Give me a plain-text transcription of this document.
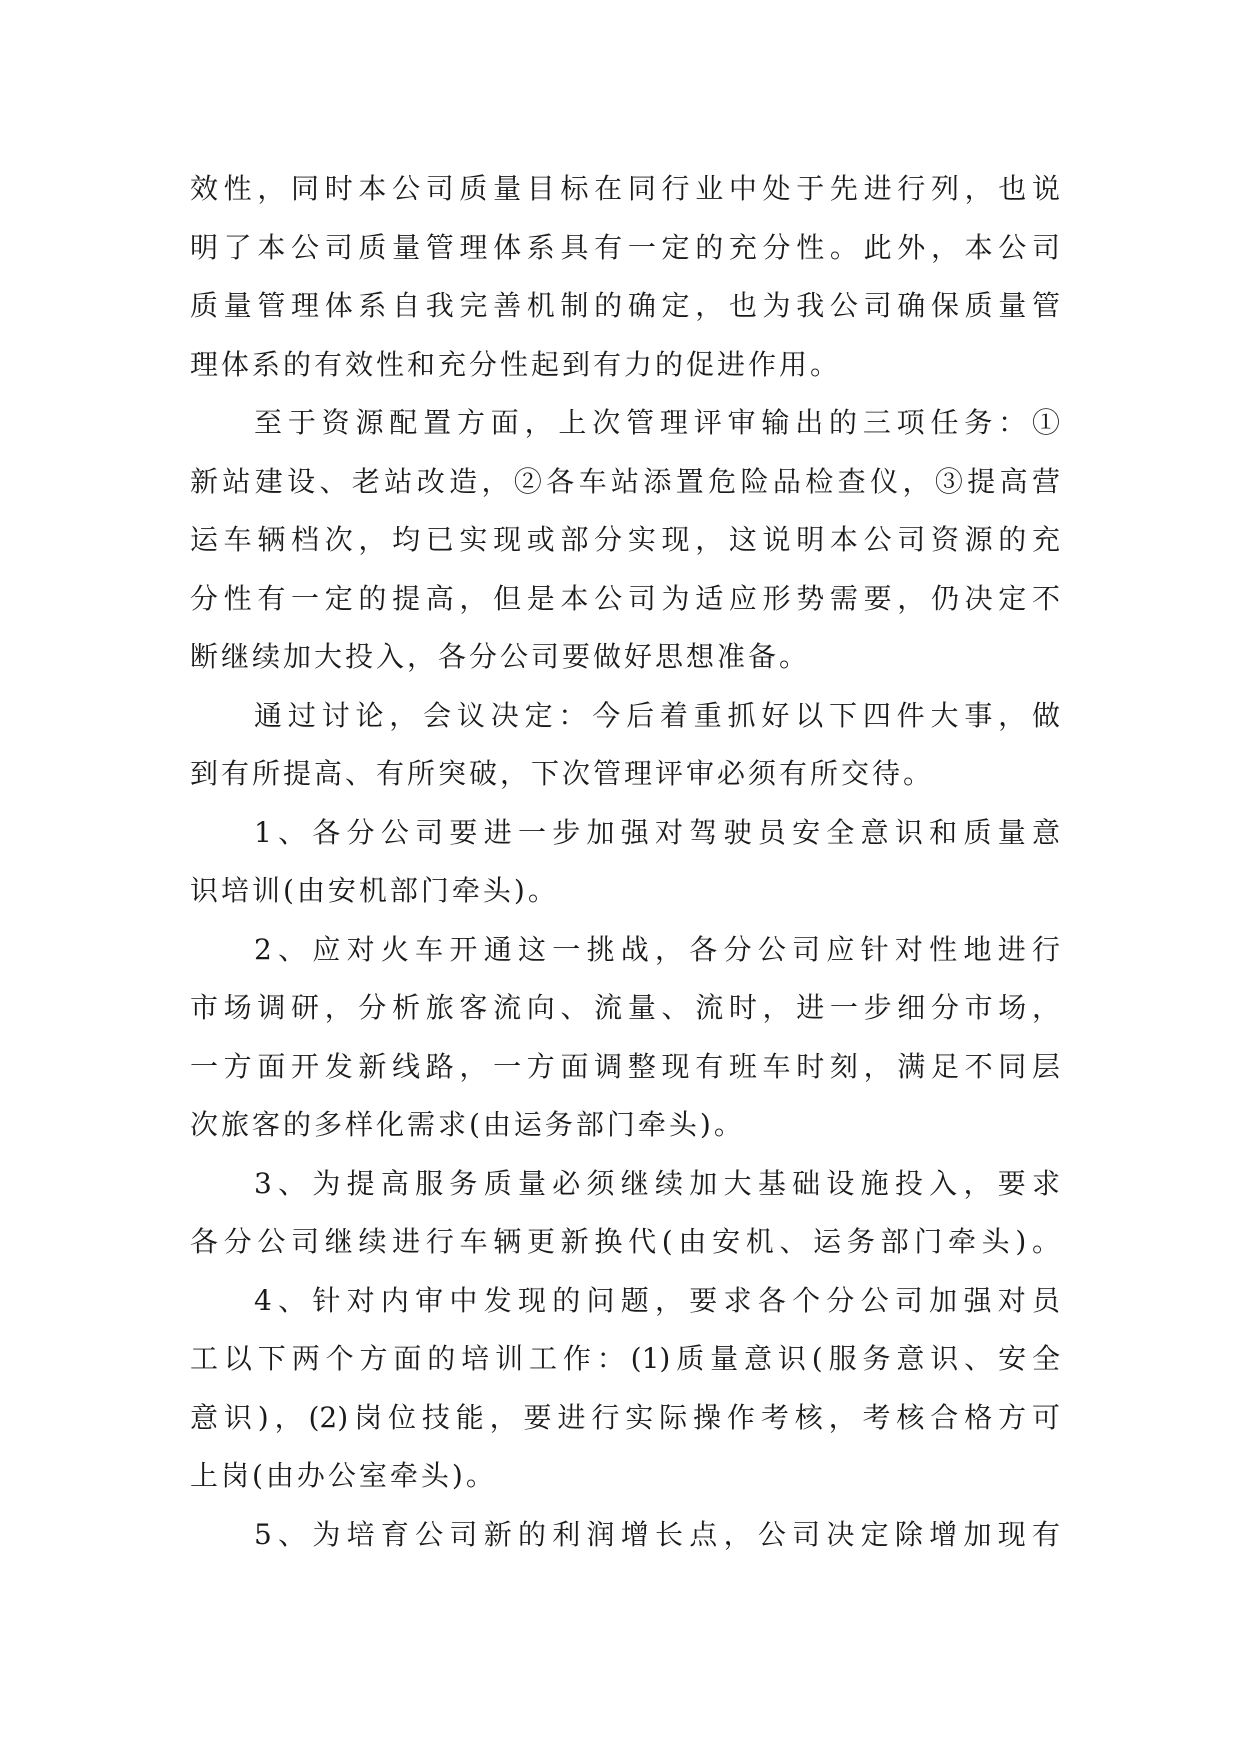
效性，同时本公司质量目标在同行业中处于先进行列，也说
明了本公司质量管理体系具有一定的充分性。此外，本公司
质量管理体系自我完善机制的确定，也为我公司确保质量管
理体系的有效性和充分性起到有力的促进作用。
至于资源配置方面，上次管理评审输出的三项任务：①
新站建设、老站改造，②各车站添置危险品检查仪，③提高营
运车辆档次，均已实现或部分实现，这说明本公司资源的充
分性有一定的提高，但是本公司为适应形势需要，仍决定不
断继续加大投入，各分公司要做好思想准备。
通过讨论，会议决定：今后着重抓好以下四件大事，做
到有所提高、有所突破，下次管理评审必须有所交待。
1、各分公司要进一步加强对驾驶员安全意识和质量意
识培训(由安机部门牵头)。
2、应对火车开通这一挑战，各分公司应针对性地进行
市场调研，分析旅客流向、流量、流时，进一步细分市场，
一方面开发新线路，一方面调整现有班车时刻，满足不同层
次旅客的多样化需求(由运务部门牵头)。
3、为提高服务质量必须继续加大基础设施投入，要求
各分公司继续进行车辆更新换代(由安机、运务部门牵头)。
4、针对内审中发现的问题，要求各个分公司加强对员
工以下两个方面的培训工作：(1)质量意识(服务意识、安全
意识)，(2)岗位技能，要进行实际操作考核，考核合格方可
上岗(由办公室牵头)。
5、为培育公司新的利润增长点，公司决定除增加现有
